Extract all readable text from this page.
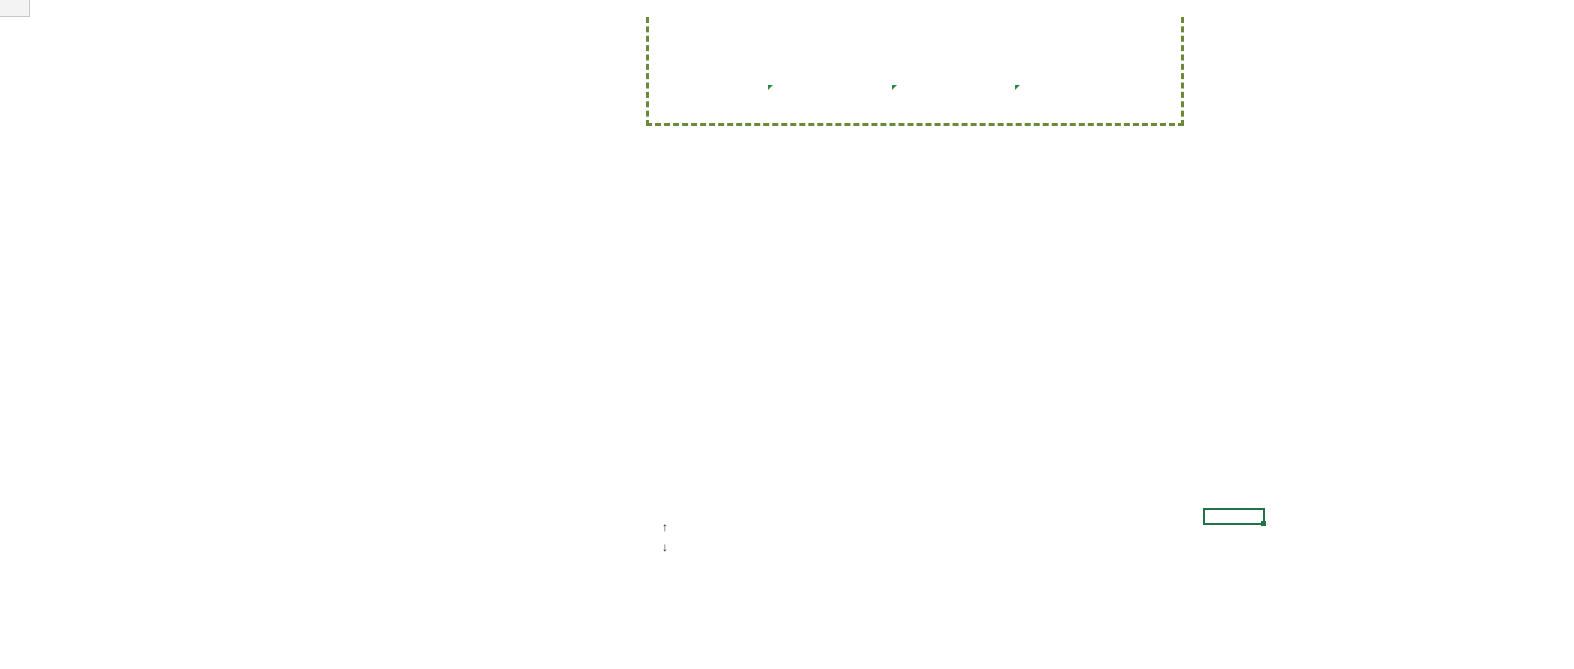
↑
↓
